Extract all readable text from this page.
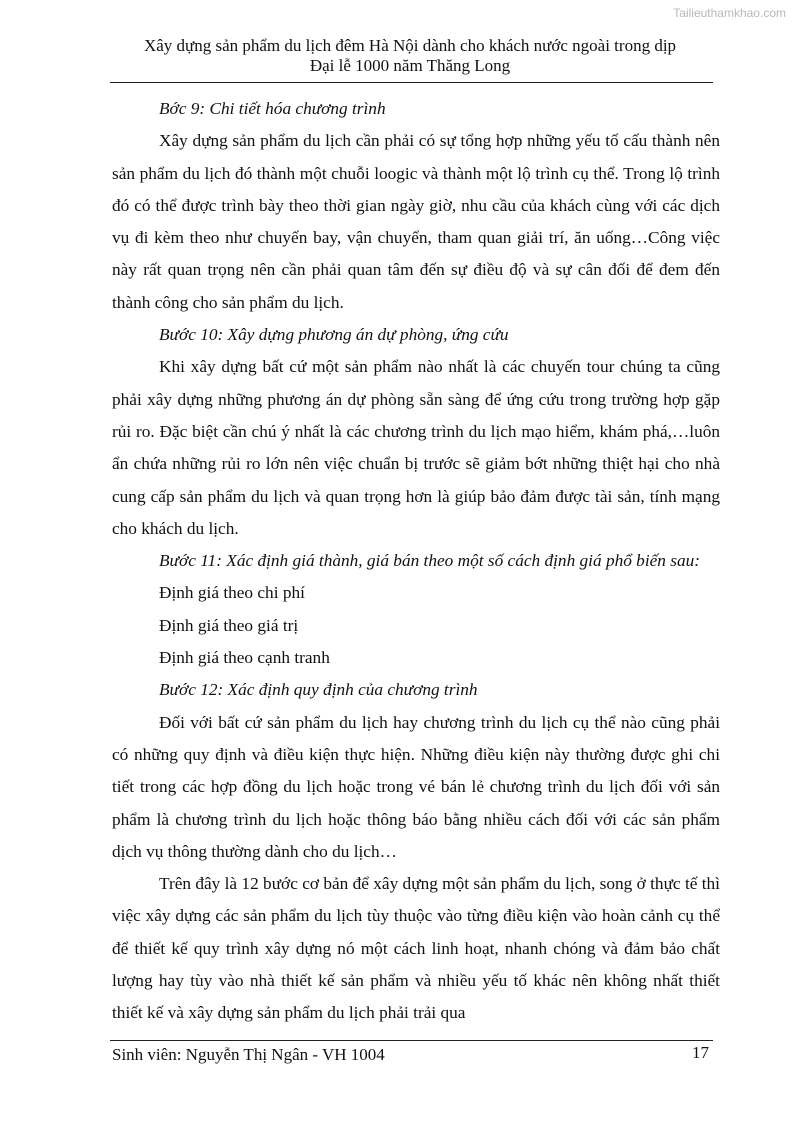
Tailieuthamkhao.com
Xây dựng sản phẩm du lịch đêm Hà Nội dành cho khách nước ngoài trong dịp
Đại lễ 1000 năm Thăng Long

Bớc 9: Chi tiết hóa chương trình

Xây dựng sản phẩm du lịch cần phải có sự tổng hợp những yếu tố cấu thành nên sản phẩm du lịch đó thành một chuỗi loogic và thành một lộ trình cụ thể. Trong lộ trình đó có thể được trình bày theo thời gian ngày giờ, nhu cầu của khách cùng với các dịch vụ đi kèm theo như chuyến bay, vận chuyển, tham quan giải trí, ăn uống…Công việc này rất quan trọng nên cần phải quan tâm đến sự điều độ và sự cân đối để đem đến thành công cho sản phẩm du lịch.

Bước 10: Xây dựng phương án dự phòng, ứng cứu

Khi xây dựng bất cứ một sản phẩm nào nhất là các chuyến tour chúng ta cũng phải xây dựng những phương án dự phòng sẵn sàng để ứng cứu trong trường hợp gặp rủi ro. Đặc biệt cần chú ý nhất là các chương trình du lịch mạo hiểm, khám phá,…luôn ẩn chứa những rủi ro lớn nên việc chuẩn bị trước sẽ giảm bớt những thiệt hại cho nhà cung cấp sản phẩm du lịch và quan trọng hơn là giúp bảo đảm được tài sản, tính mạng cho khách du lịch.

Bước 11: Xác định giá thành, giá bán theo một số cách định giá phổ biến sau:

Định giá theo chi phí

Định giá theo giá trị

Định giá theo cạnh tranh

Bước 12: Xác định quy định của chương trình

Đối với bất cứ sản phẩm du lịch hay chương trình du lịch cụ thể nào cũng phải có những quy định và điều kiện thực hiện. Những điều kiện này thường được ghi chi tiết trong các hợp đồng du lịch hoặc trong vé bán lẻ chương trình du lịch đối với sản phẩm là chương trình du lịch hoặc thông báo bằng nhiều cách đối với các sản phẩm dịch vụ thông thường dành cho du lịch…

Trên đây là 12 bước cơ bản để xây dựng một sản phẩm du lịch, song ở thực tế thì việc xây dựng các sản phẩm du lịch tùy thuộc vào từng điều kiện vào hoàn cảnh cụ thể để thiết kế quy trình xây dựng nó một cách linh hoạt, nhanh chóng và đảm bảo chất lượng hay tùy vào nhà thiết kế sản phẩm và nhiều yếu tố khác nên không nhất thiết thiết kế và xây dựng sản phẩm du lịch phải trải qua

Sinh viên: Nguyễn Thị Ngân - VH 1004	17
